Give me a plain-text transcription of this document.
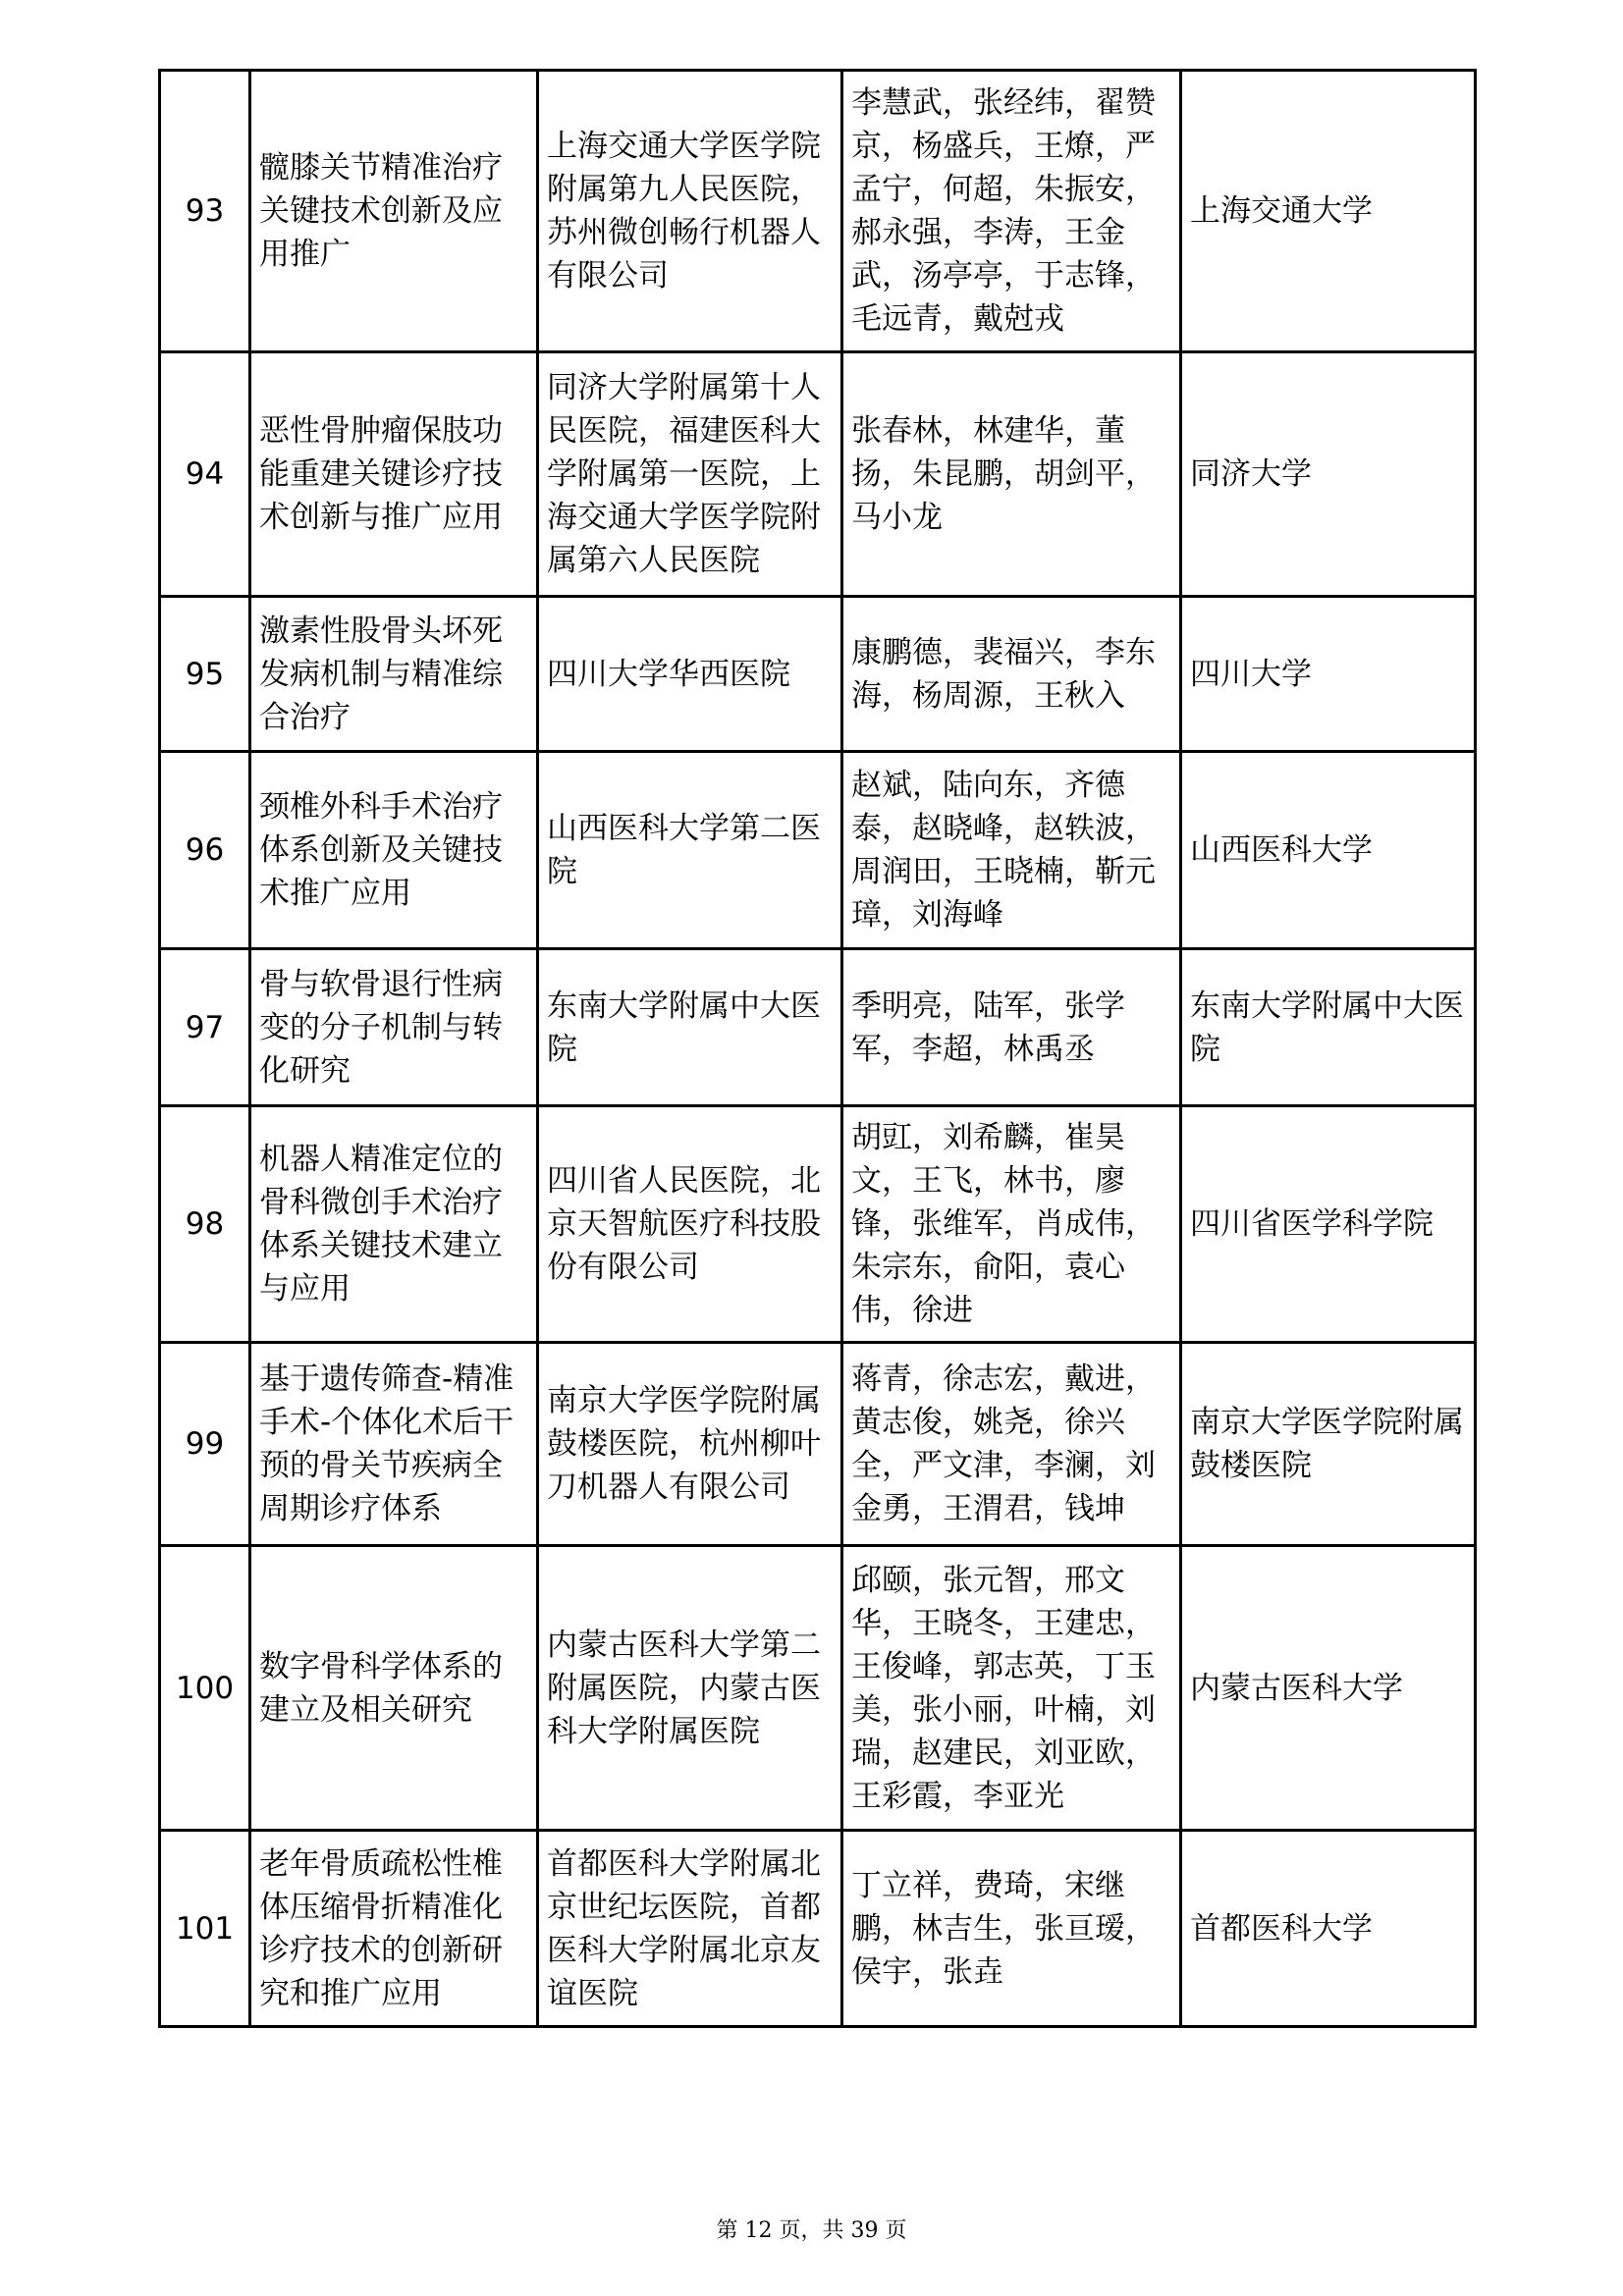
93	髋膝关节精准治疗关键技术创新及应用推广	上海交通大学医学院附属第九人民医院，苏州微创畅行机器人有限公司	李慧武，张经纬，翟赞京，杨盛兵，王燎，严孟宁，何超，朱振安，郝永强，李涛，王金武，汤亭亭，于志锋，毛远青，戴尅戎	上海交通大学
94	恶性骨肿瘤保肢功能重建关键诊疗技术创新与推广应用	同济大学附属第十人民医院，福建医科大学附属第一医院，上海交通大学医学院附属第六人民医院	张春林，林建华，董扬，朱昆鹏，胡剑平，马小龙	同济大学
95	激素性股骨头坏死发病机制与精准综合治疗	四川大学华西医院	康鹏德，裴福兴，李东海，杨周源，王秋入	四川大学
96	颈椎外科手术治疗体系创新及关键技术推广应用	山西医科大学第二医院	赵斌，陆向东，齐德泰，赵晓峰，赵轶波，周润田，王晓楠，靳元璋，刘海峰	山西医科大学
97	骨与软骨退行性病变的分子机制与转化研究	东南大学附属中大医院	季明亮，陆军，张学军，李超，林禹丞	东南大学附属中大医院
98	机器人精准定位的骨科微创手术治疗体系关键技术建立与应用	四川省人民医院，北京天智航医疗科技股份有限公司	胡豇，刘希麟，崔昊文，王飞，林书，廖锋，张维军，肖成伟，朱宗东，俞阳，袁心伟，徐进	四川省医学科学院
99	基于遗传筛查-精准手术-个体化术后干预的骨关节疾病全周期诊疗体系	南京大学医学院附属鼓楼医院，杭州柳叶刀机器人有限公司	蒋青，徐志宏，戴进，黄志俊，姚尧，徐兴全，严文津，李澜，刘金勇，王渭君，钱坤	南京大学医学院附属鼓楼医院
100	数字骨科学体系的建立及相关研究	内蒙古医科大学第二附属医院，内蒙古医科大学附属医院	邱颐，张元智，邢文华，王晓冬，王建忠，王俊峰，郭志英，丁玉美，张小丽，叶楠，刘瑞，赵建民，刘亚欧，王彩霞，李亚光	内蒙古医科大学
101	老年骨质疏松性椎体压缩骨折精准化诊疗技术的创新研究和推广应用	首都医科大学附属北京世纪坛医院，首都医科大学附属北京友谊医院	丁立祥，费琦，宋继鹏，林吉生，张亘瑷，侯宇，张垚	首都医科大学
第 12 页，共 39 页
